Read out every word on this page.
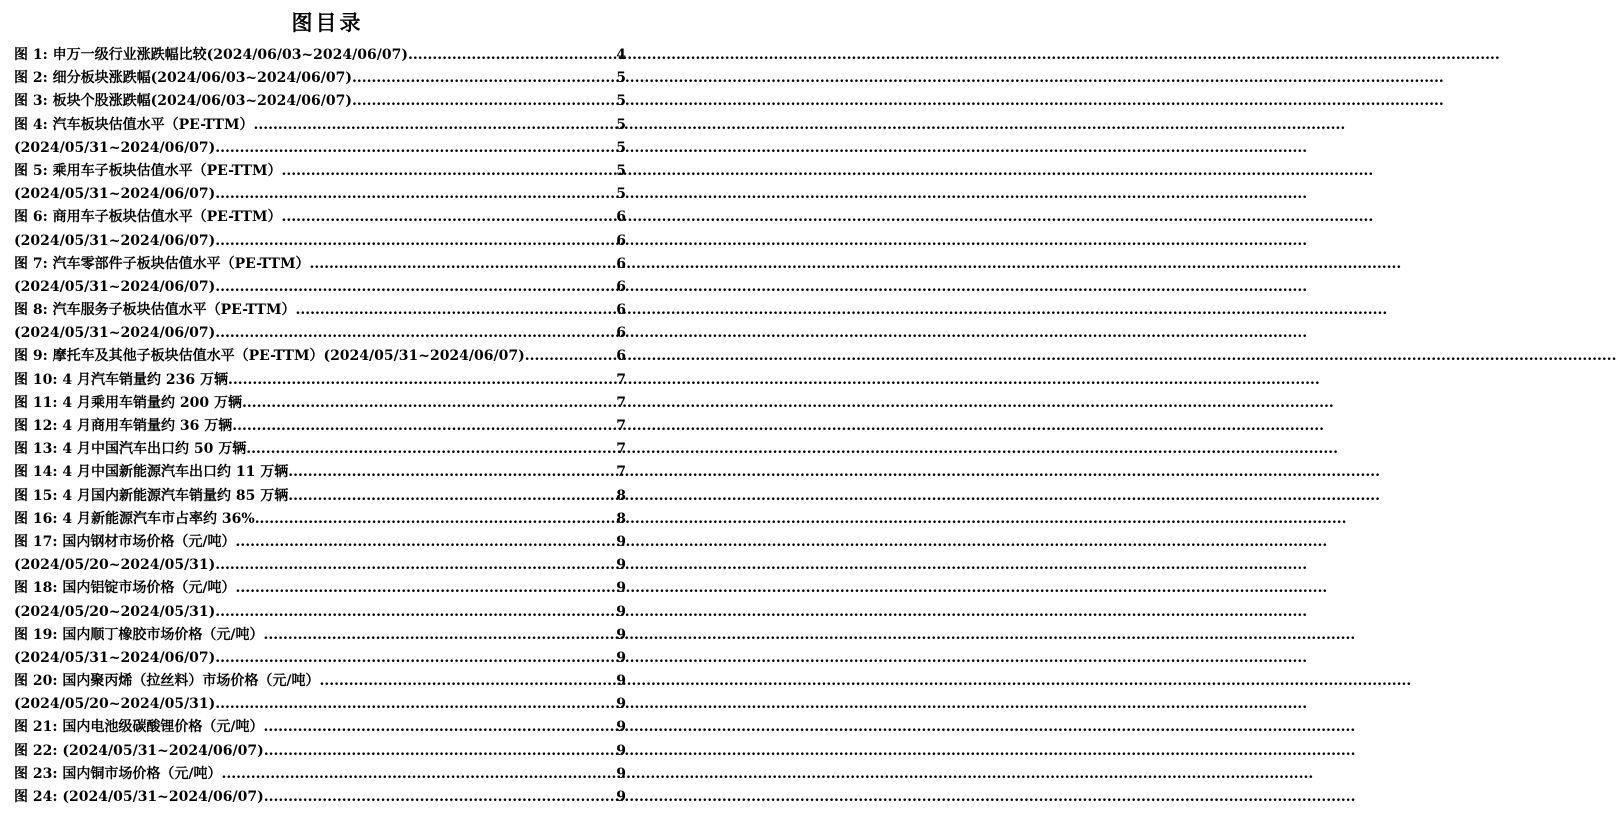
图目录
图 1: 申万一级行业涨跌幅比较(2024/06/03~2024/06/07) .....	4
图 2: 细分板块涨跌幅(2024/06/03~2024/06/07) .....	5
图 3: 板块个股涨跌幅(2024/06/03~2024/06/07) .....	5
图 4: 汽车板块估值水平（PE-TTM） .....	5
(2024/05/31~2024/06/07) .....	5
图 5: 乘用车子板块估值水平（PE-TTM） .....	5
(2024/05/31~2024/06/07) .....	5
图 6: 商用车子板块估值水平（PE-TTM） .....	6
(2024/05/31~2024/06/07) .....	6
图 7: 汽车零部件子板块估值水平（PE-TTM） .....	6
(2024/05/31~2024/06/07) .....	6
图 8: 汽车服务子板块估值水平（PE-TTM） .....	6
(2024/05/31~2024/06/07) .....	6
图 9: 摩托车及其他子板块估值水平（PE-TTM）(2024/05/31~2024/06/07) .....	6
图 10: 4 月汽车销量约 236 万辆 .....	7
图 11: 4 月乘用车销量约 200 万辆 .....	7
图 12: 4 月商用车销量约 36 万辆 .....	7
图 13: 4 月中国汽车出口约 50 万辆 .....	7
图 14: 4 月中国新能源汽车出口约 11 万辆 .....	7
图 15: 4 月国内新能源汽车销量约 85 万辆 .....	8
图 16: 4 月新能源汽车市占率约 36% .....	8
图 17: 国内钢材市场价格（元/吨） .....	9
(2024/05/20~2024/05/31) .....	9
图 18: 国内铝锭市场价格（元/吨） .....	9
(2024/05/20~2024/05/31) .....	9
图 19: 国内顺丁橡胶市场价格（元/吨） .....	9
(2024/05/31~2024/06/07) .....	9
图 20: 国内聚丙烯（拉丝料）市场价格（元/吨） .....	9
(2024/05/20~2024/05/31) .....	9
图 21: 国内电池级碳酸锂价格（元/吨） .....	9
图 22: (2024/05/31~2024/06/07) .....	9
图 23: 国内铜市场价格（元/吨） .....	9
图 24: (2024/05/31~2024/06/07) .....	9
